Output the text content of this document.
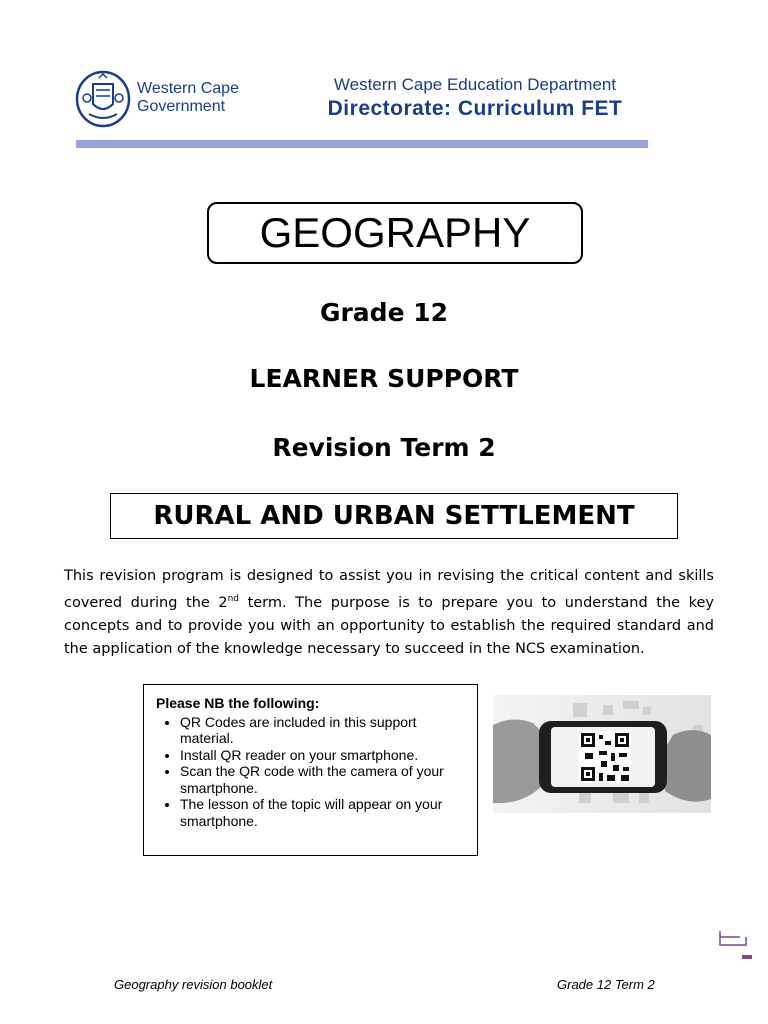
Western Cape
Government
Western Cape Education Department
Directorate: Curriculum FET
GEOGRAPHY
Grade 12
LEARNER SUPPORT
Revision Term 2
RURAL AND URBAN SETTLEMENT
This revision program is designed to assist you in revising the critical content and skills covered during the 2nd term. The purpose is to prepare you to understand the key concepts and to provide you with an opportunity to establish the required standard and the application of the knowledge necessary to succeed in the NCS examination.
Please NB the following:
• QR Codes are included in this support material.
• Install QR reader on your smartphone.
• Scan the QR code with the camera of your smartphone.
• The lesson of the topic will appear on your smartphone.
Geography revision booklet	Grade 12 Term 2
